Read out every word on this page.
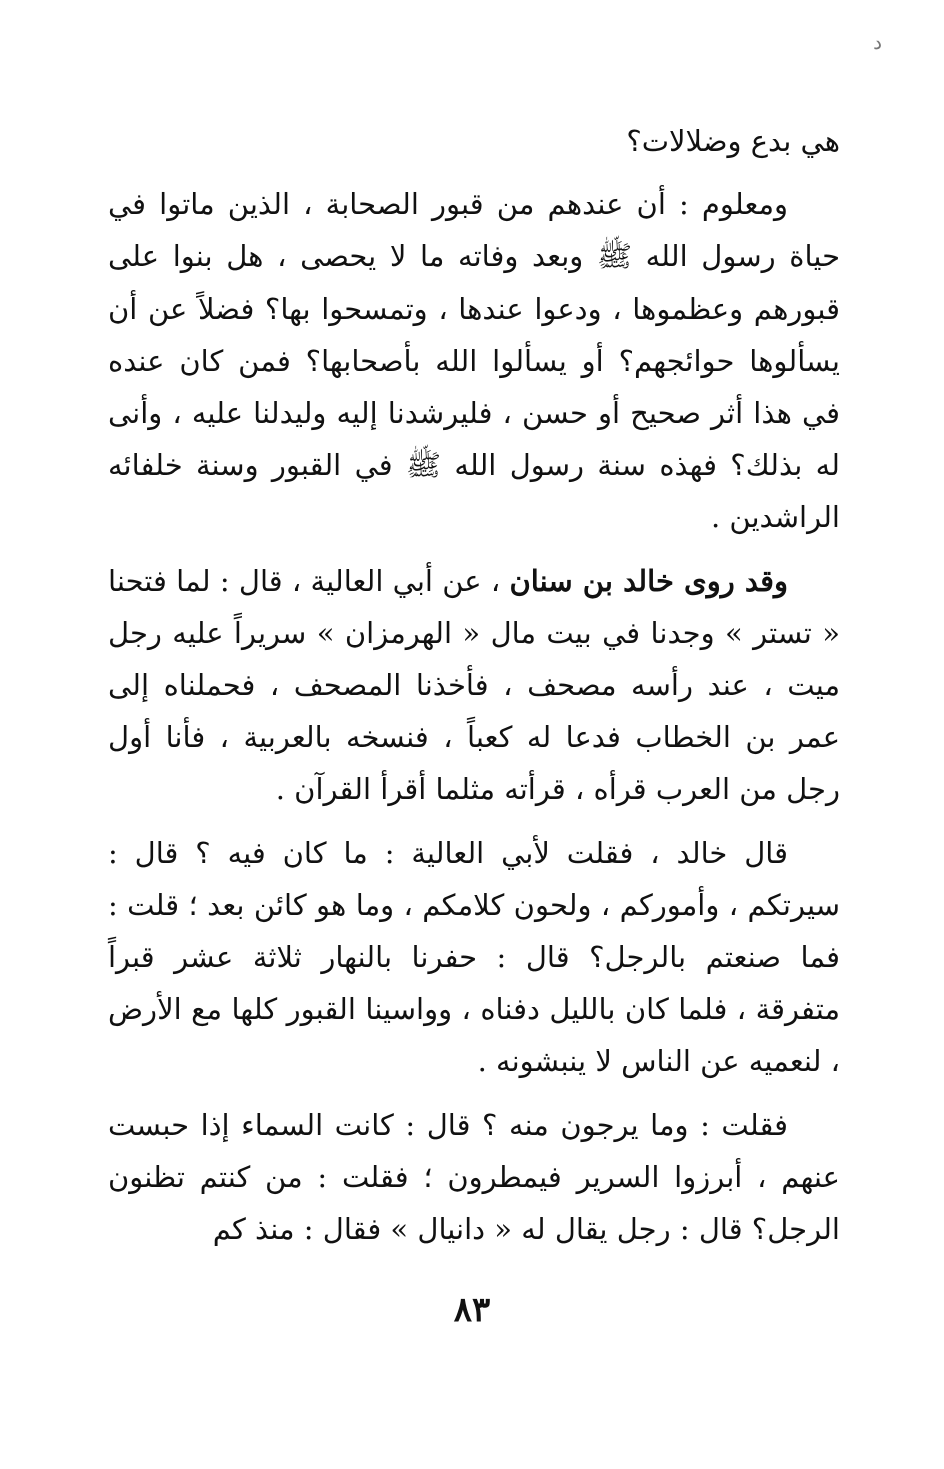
د

هي بدع وضلالات؟

ومعلوم : أن عندهم من قبور الصحابة ، الذين ماتوا في حياة رسول الله ﷺ وبعد وفاته ما لا يحصى ، هل بنوا على قبورهم وعظموها ، ودعوا عندها ، وتمسحوا بها؟ فضلاً عن أن يسألوها حوائجهم؟ أو يسألوا الله بأصحابها؟ فمن كان عنده في هذا أثر صحيح أو حسن ، فليرشدنا إليه وليدلنا عليه ، وأنى له بذلك؟ فهذه سنة رسول الله ﷺ في القبور وسنة خلفائه الراشدين .

وقد روى خالد بن سنان ، عن أبي العالية ، قال : لما فتحنا « تستر » وجدنا في بيت مال « الهرمزان » سريراً عليه رجل ميت ، عند رأسه مصحف ، فأخذنا المصحف ، فحملناه إلى عمر بن الخطاب فدعا له كعباً ، فنسخه بالعربية ، فأنا أول رجل من العرب قرأه ، قرأته مثلما أقرأ القرآن .

قال خالد ، فقلت لأبي العالية : ما كان فيه ؟ قال : سيرتكم ، وأموركم ، ولحون كلامكم ، وما هو كائن بعد ؛ قلت : فما صنعتم بالرجل؟ قال : حفرنا بالنهار ثلاثة عشر قبراً متفرقة ، فلما كان بالليل دفناه ، وواسينا القبور كلها مع الأرض ، لنعميه عن الناس لا ينبشونه .

فقلت : وما يرجون منه ؟ قال : كانت السماء إذا حبست عنهم ، أبرزوا السرير فيمطرون ؛ فقلت : من كنتم تظنون الرجل؟ قال : رجل يقال له « دانيال » فقال : منذ كم

٨٣
